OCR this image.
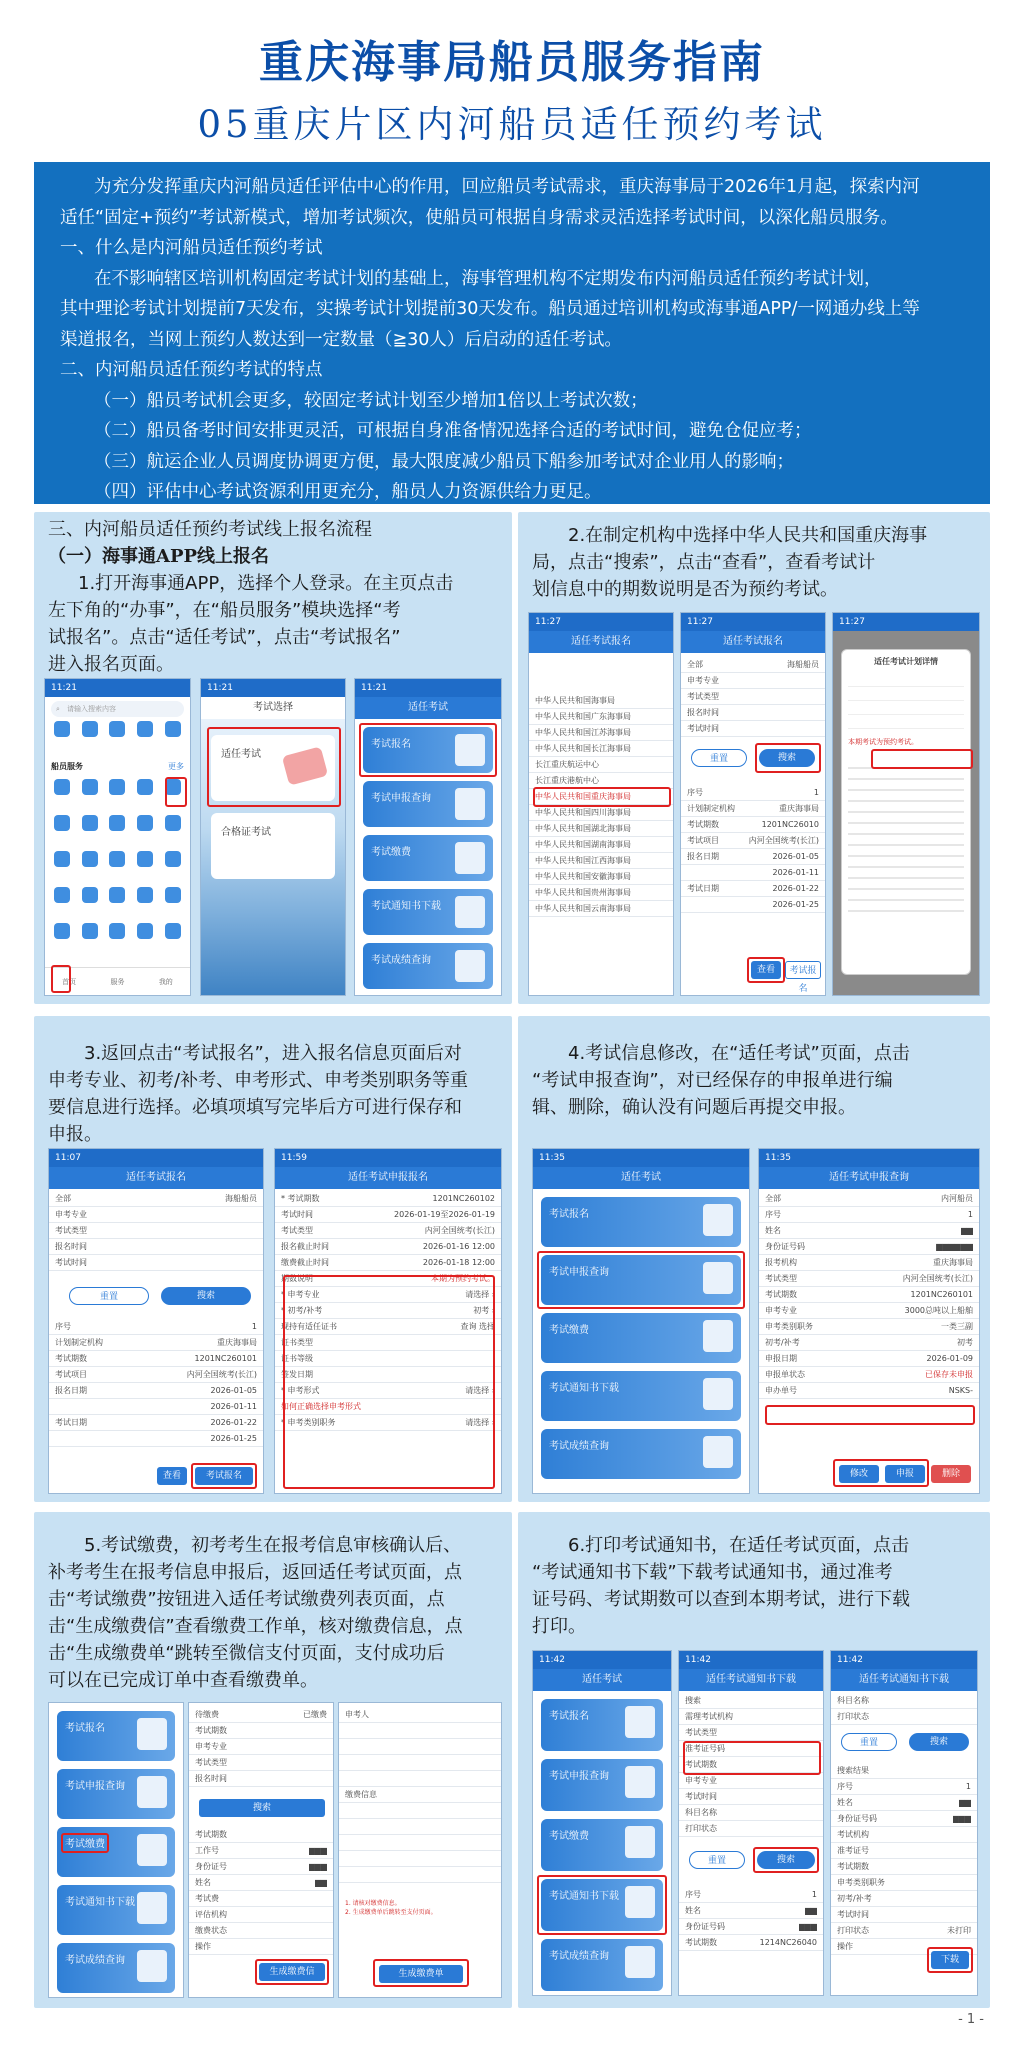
重庆海事局船员服务指南
05重庆片区内河船员适任预约考试

为充分发挥重庆内河船员适任评估中心的作用，回应船员考试需求，重庆海事局于2026年1月起，探索内河

适任“固定+预约”考试新模式，增加考试频次，使船员可根据自身需求灵活选择考试时间，以深化船员服务。

一、什么是内河船员适任预约考试

在不影响辖区培训机构固定考试计划的基础上，海事管理机构不定期发布内河船员适任预约考试计划，

其中理论考试计划提前7天发布，实操考试计划提前30天发布。船员通过培训机构或海事通APP/一网通办线上等

渠道报名，当网上预约人数达到一定数量（≧30人）后启动的适任考试。

二、内河船员适任预约考试的特点

（一）船员考试机会更多，较固定考试计划至少增加1倍以上考试次数；

（二）船员备考时间安排更灵活，可根据自身准备情况选择合适的考试时间，避免仓促应考；

（三）航运企业人员调度协调更方便，最大限度减少船员下船参加考试对企业用人的影响；

（四）评估中心考试资源利用更充分，船员人力资源供给力更足。

三、内河船员适任预约考试线上报名流程
（一）海事通APP线上报名
1.打开海事通APP，选择个人登录。在主页点击
左下角的“办事”，在“船员服务”模块选择“考
试报名”。点击“适任考试”，点击“考试报名”
进入报名页面。
11:21
⌕ 请输入搜索内容
船员服务	更多
首页	服务	我的
11:21
考试选择
适任考试
合格证考试
11:21
适任考试
考试报名
考试申报查询
考试缴费
考试通知书下载
考试成绩查询
2.在制定机构中选择中华人民共和国重庆海事
局，点击“搜索”，点击“查看”，查看考试计
划信息中的期数说明是否为预约考试。
11:27
适任考试报名
中华人民共和国海事局
中华人民共和国广东海事局
中华人民共和国江苏海事局
中华人民共和国长江海事局
长江重庆航运中心
长江重庆港航中心
中华人民共和国重庆海事局
中华人民共和国四川海事局
中华人民共和国湖北海事局
中华人民共和国湖南海事局
中华人民共和国江西海事局
中华人民共和国安徽海事局
中华人民共和国贵州海事局
中华人民共和国云南海事局
11:27
适任考试报名
全部	海船船员
申考专业
考试类型
报名时间
考试时间
重置	搜索
序号	1
计划制定机构	重庆海事局
考试期数	1201NC26010
考试项目	内河全国统考(长江)
报名日期	2026-01-05
2026-01-11
考试日期	2026-01-22
2026-01-25
查看	考试报名
11:27
适任考试计划详情
本期考试为预约考试。
3.返回点击“考试报名”，进入报名信息页面后对
申考专业、初考/补考、申考形式、申考类别职务等重
要信息进行选择。必填项填写完毕后方可进行保存和
申报。
11:07
适任考试报名
全部	海船船员
申考专业
考试类型
报名时间
考试时间
重置	搜索
序号	1
计划制定机构	重庆海事局
考试期数	1201NC260101
考试项目	内河全国统考(长江)
报名日期	2026-01-05
2026-01-11
考试日期	2026-01-22
2026-01-25
查看	考试报名
11:59
适任考试申报报名
* 考试期数	1201NC260102
考试时间	2026-01-19至2026-01-19
考试类型	内河全国统考(长江)
报名截止时间	2026-01-16 12:00
缴费截止时间	2026-01-18 12:00
期数说明	本期为预约考试。
* 申考专业	请选择 ›
* 初考/补考	初考 ›
现持有适任证书	查询 选择
证书类型
证书等级
签发日期
* 申考形式	请选择 ›
如何正确选择申考形式
* 申考类别职务	请选择 ›
4.考试信息修改，在“适任考试”页面，点击
“考试申报查询”，对已经保存的申报单进行编
辑、删除，确认没有问题后再提交申报。
11:35
适任考试
考试报名
考试申报查询
考试缴费
考试通知书下载
考试成绩查询
11:35
适任考试申报查询
全部	内河船员
序号	1
姓名	▆▆
身份证号码	▆▆▆▆▆▆
报考机构	重庆海事局
考试类型	内河全国统考(长江)
考试期数	1201NC260101
申考专业	3000总吨以上船舶
申考类别职务	一类三副
初考/补考	初考
申报日期	2026-01-09
申报单状态	已保存未申报
申办单号	NSKS-
修改	申报	删除
5.考试缴费，初考考生在报考信息审核确认后、
补考考生在报考信息申报后，返回适任考试页面，点
击“考试缴费”按钮进入适任考试缴费列表页面，点
击“生成缴费信”查看缴费工作单，核对缴费信息，点
击“生成缴费单“跳转至微信支付页面，支付成功后
可以在已完成订单中查看缴费单。
考试报名
考试申报查询
考试缴费
考试通知书下载
考试成绩查询
待缴费	已缴费
考试期数
申考专业
考试类型
报名时间
搜索
考试期数
工作号	▆▆▆
身份证号	▆▆▆
姓名	▆▆
考试费
评估机构
缴费状态
操作
生成缴费信
申考人
缴费信息
1. 请核对缴费信息。
2. 生成缴费单后跳转至支付页面。
生成缴费单
6.打印考试通知书，在适任考试页面，点击
“考试通知书下载”下载考试通知书，通过准考
证号码、考试期数可以查到本期考试，进行下载
打印。
11:42
适任考试
考试报名
考试申报查询
考试缴费
考试通知书下载
考试成绩查询
11:42
适任考试通知书下载
搜索
需理考试机构
考试类型
准考证号码
考试期数
申考专业
考试时间
科目名称
打印状态
重置	搜索
序号	1
姓名	▆▆
身份证号码	▆▆▆
考试期数	1214NC26040
11:42
适任考试通知书下载
科目名称
打印状态
重置	搜索
搜索结果
序号	1
姓名	▆▆
身份证号码	▆▆▆
考试机构
准考证号
考试期数
申考类别职务
初考/补考
考试时间
打印状态	未打印
操作
下载
- 1 -
